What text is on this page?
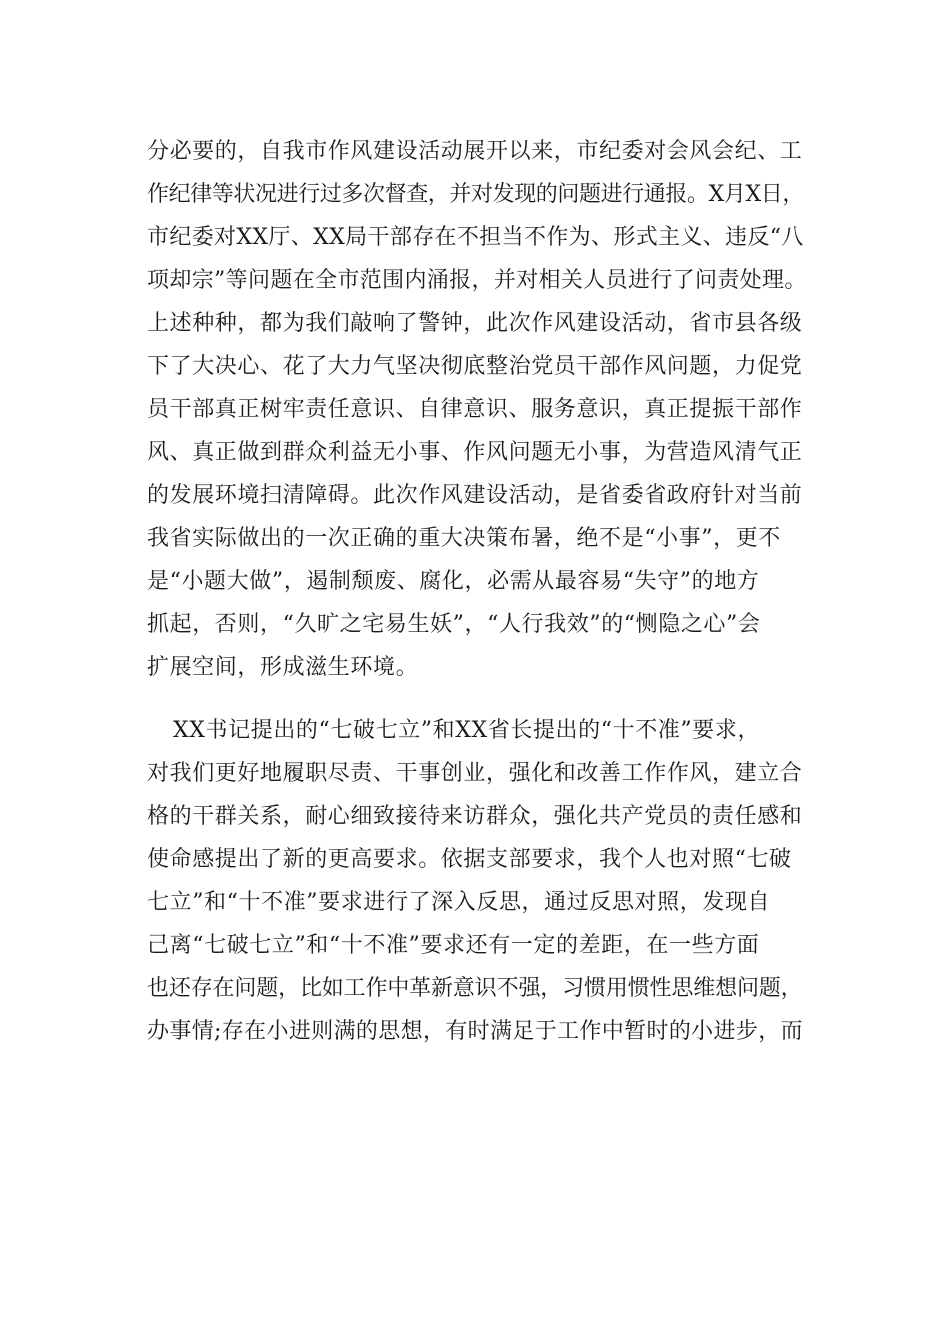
分必要的，自我市作风建设活动展开以来，市纪委对会风会纪、工
作纪律等状况进行过多次督查，并对发现的问题进行通报。X月X日，
市纪委对XX厅、XX局干部存在不担当不作为、形式主义、违反“八
项却宗”等问题在全市范围内涌报，并对相关人员进行了问责处理。
上述种种，都为我们敲响了警钟，此次作风建设活动，省市县各级
下了大决心、花了大力气坚决彻底整治党员干部作风问题，力促党
员干部真正树牢责任意识、自律意识、服务意识，真正提振干部作
风、真正做到群众利益无小事、作风问题无小事，为营造风清气正
的发展环境扫清障碍。此次作风建设活动，是省委省政府针对当前
我省实际做出的一次正确的重大决策布暑，绝不是“小事”，更不
是“小题大做”，遏制颓废、腐化，必需从最容易“失守”的地方
抓起，否则，“久旷之宅易生妖”，“人行我效”的“恻隐之心”会
扩展空间，形成滋生环境。
XX书记提出的“七破七立”和XX省长提出的“十不准”要求，
对我们更好地履职尽责、干事创业，强化和改善工作作风，建立合
格的干群关系，耐心细致接待来访群众，强化共产党员的责任感和
使命感提出了新的更高要求。依据支部要求，我个人也对照“七破
七立”和“十不准”要求进行了深入反思，通过反思对照，发现自
己离“七破七立”和“十不准”要求还有一定的差距，在一些方面
也还存在问题，比如工作中革新意识不强，习惯用惯性思维想问题，
办事情;存在小进则满的思想，有时满足于工作中暂时的小进步，而
